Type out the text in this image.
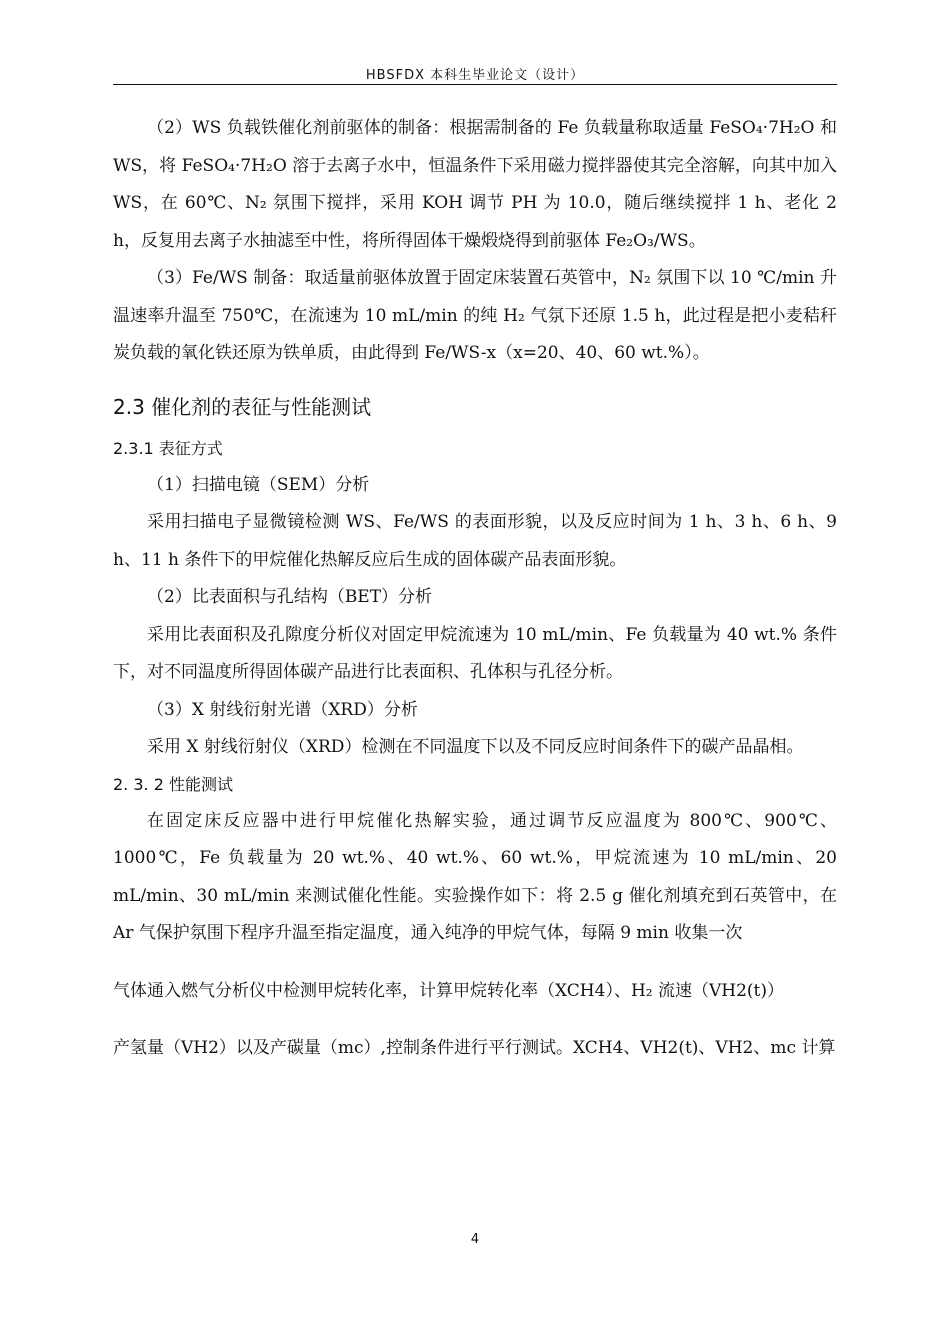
HBSFDX 本科生毕业论文（设计）

（2）WS 负载铁催化剂前驱体的制备：根据需制备的 Fe 负载量称取适量 FeSO₄·7H₂O 和 WS，将 FeSO₄·7H₂O 溶于去离子水中，恒温条件下采用磁力搅拌器使其完全溶解，向其中加入 WS，在 60℃、N₂ 氛围下搅拌，采用 KOH 调节 PH 为 10.0，随后继续搅拌 1 h、老化 2 h，反复用去离子水抽滤至中性，将所得固体干燥煅烧得到前驱体 Fe₂O₃/WS。

（3）Fe/WS 制备：取适量前驱体放置于固定床装置石英管中，N₂ 氛围下以 10 ℃/min 升温速率升温至 750℃，在流速为 10 mL/min 的纯 H₂ 气氛下还原 1.5 h，此过程是把小麦秸秆炭负载的氧化铁还原为铁单质，由此得到 Fe/WS-x（x=20、40、60 wt.%）。

2.3 催化剂的表征与性能测试

2.3.1 表征方式

（1）扫描电镜（SEM）分析

采用扫描电子显微镜检测 WS、Fe/WS 的表面形貌，以及反应时间为 1 h、3 h、6 h、9 h、11 h 条件下的甲烷催化热解反应后生成的固体碳产品表面形貌。

（2）比表面积与孔结构（BET）分析

采用比表面积及孔隙度分析仪对固定甲烷流速为 10 mL/min、Fe 负载量为 40 wt.% 条件下，对不同温度所得固体碳产品进行比表面积、孔体积与孔径分析。

（3）X 射线衍射光谱（XRD）分析

采用 X 射线衍射仪（XRD）检测在不同温度下以及不同反应时间条件下的碳产品晶相。

2. 3. 2 性能测试

在固定床反应器中进行甲烷催化热解实验，通过调节反应温度为 800℃、900℃、1000℃，Fe 负载量为 20 wt.%、40 wt.%、60 wt.%，甲烷流速为 10 mL/min、20 mL/min、30 mL/min 来测试催化性能。实验操作如下：将 2.5 g 催化剂填充到石英管中，在 Ar 气保护氛围下程序升温至指定温度，通入纯净的甲烷气体，每隔 9 min 收集一次

气体通入燃气分析仪中检测甲烷转化率，计算甲烷转化率（XCH4）、H₂ 流速（VH2(t)）

产氢量（VH2）以及产碳量（mc）,控制条件进行平行测试。XCH4、VH2(t)、VH2、mc 计算

4
